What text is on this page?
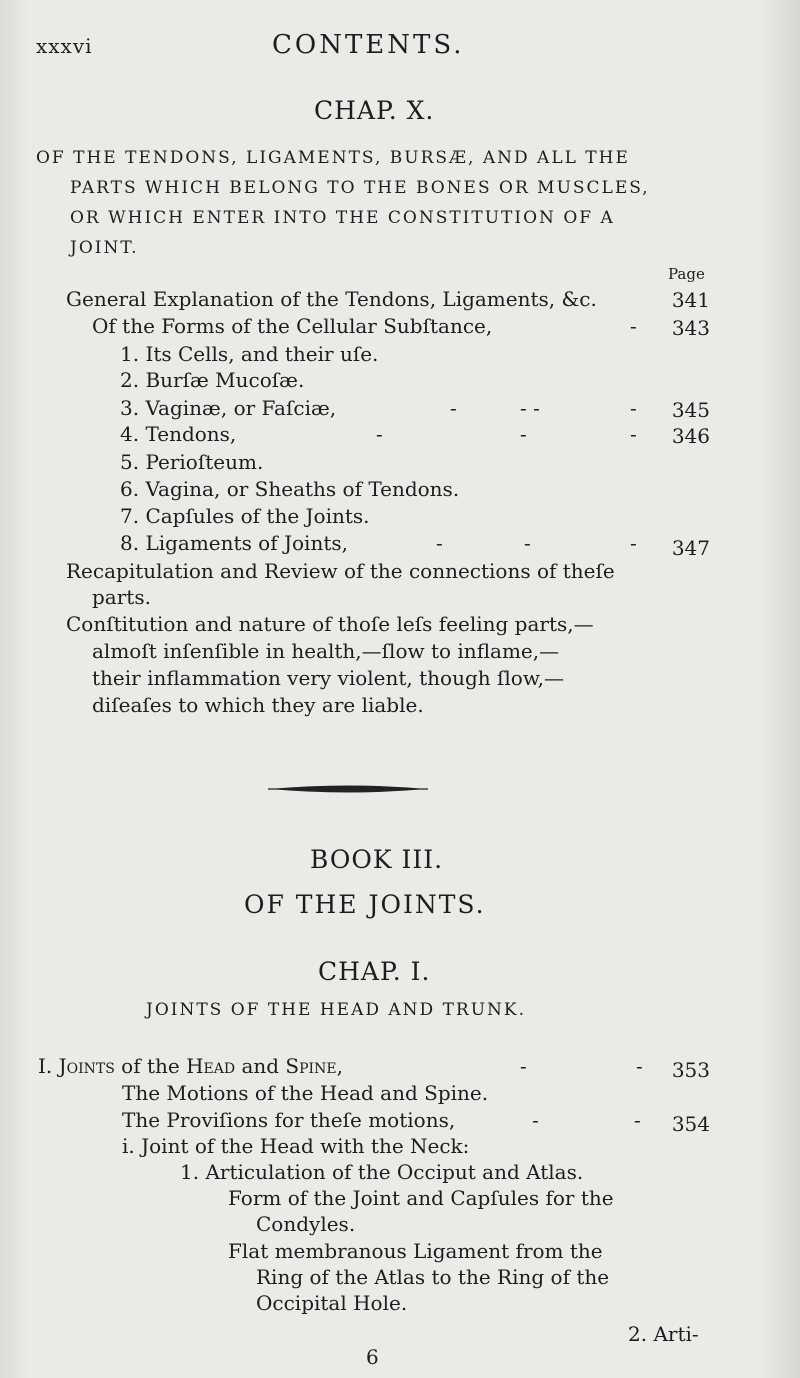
xxxvi	CONTENTS.
CHAP. X.
OF THE TENDONS, LIGAMENTS, BURSÆ, AND ALL THE
PARTS WHICH BELONG TO THE BONES OR MUSCLES,
OR WHICH ENTER INTO THE CONSTITUTION OF A
JOINT.
Page
General Explanation of the Tendons, Ligaments, &c.	341
Of the Forms of the Cellular Subſtance,	-	343
1. Its Cells, and their uſe.
2. Burſæ Mucoſæ.
3. Vaginæ, or Faſciæ,	-	- -	-	345
4. Tendons,	-	-	-	346
5. Perioſteum.
6. Vagina, or Sheaths of Tendons.
7. Capſules of the Joints.
8. Ligaments of Joints,	-	-	-	347
Recapitulation and Review of the connections of theſe
parts.
Conſtitution and nature of thoſe leſs feeling parts,—
almoſt inſenſible in health,—ſlow to inflame,—
their inflammation very violent, though ſlow,—
diſeaſes to which they are liable.
BOOK III.
OF THE JOINTS.
CHAP. I.
JOINTS OF THE HEAD AND TRUNK.
I. Joints of the Head and Spine,	-	-	353
The Motions of the Head and Spine.
The Proviſions for theſe motions,	-	-	354
i. Joint of the Head with the Neck:
1. Articulation of the Occiput and Atlas.
Form of the Joint and Capſules for the
Condyles.
Flat membranous Ligament from the
Ring of the Atlas to the Ring of the
Occipital Hole.
2. Arti-
6
